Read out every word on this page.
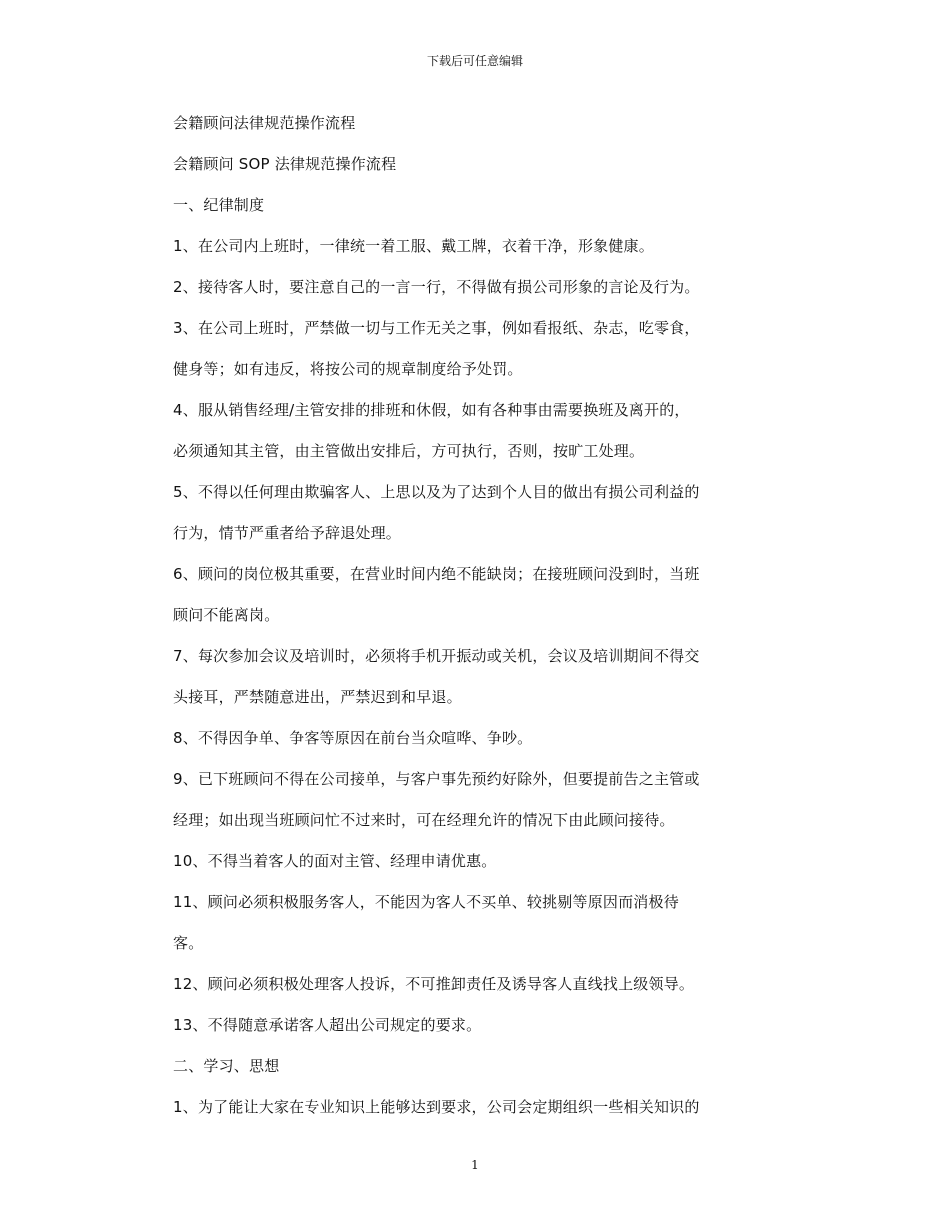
下载后可任意编辑
会籍顾问法律规范操作流程
会籍顾问 SOP 法律规范操作流程
一、纪律制度
1、在公司内上班时，一律统一着工服、戴工牌，衣着干净，形象健康。
2、接待客人时，要注意自己的一言一行，不得做有损公司形象的言论及行为。
3、在公司上班时，严禁做一切与工作无关之事，例如看报纸、杂志，吃零食，
健身等；如有违反，将按公司的规章制度给予处罚。
4、服从销售经理/主管安排的排班和休假，如有各种事由需要换班及离开的，
必须通知其主管，由主管做出安排后，方可执行，否则，按旷工处理。
5、不得以任何理由欺骗客人、上思以及为了达到个人目的做出有损公司利益的
行为，情节严重者给予辞退处理。
6、顾问的岗位极其重要，在营业时间内绝不能缺岗；在接班顾问没到时，当班
顾问不能离岗。
7、每次参加会议及培训时，必须将手机开振动或关机，会议及培训期间不得交
头接耳，严禁随意进出，严禁迟到和早退。
8、不得因争单、争客等原因在前台当众喧哗、争吵。
9、已下班顾问不得在公司接单，与客户事先预约好除外，但要提前告之主管或
经理；如出现当班顾问忙不过来时，可在经理允许的情况下由此顾问接待。
10、不得当着客人的面对主管、经理申请优惠。
11、顾问必须积极服务客人，不能因为客人不买单、较挑剔等原因而消极待
客。
12、顾问必须积极处理客人投诉，不可推卸责任及诱导客人直线找上级领导。
13、不得随意承诺客人超出公司规定的要求。
二、学习、思想
1、为了能让大家在专业知识上能够达到要求，公司会定期组织一些相关知识的
1
